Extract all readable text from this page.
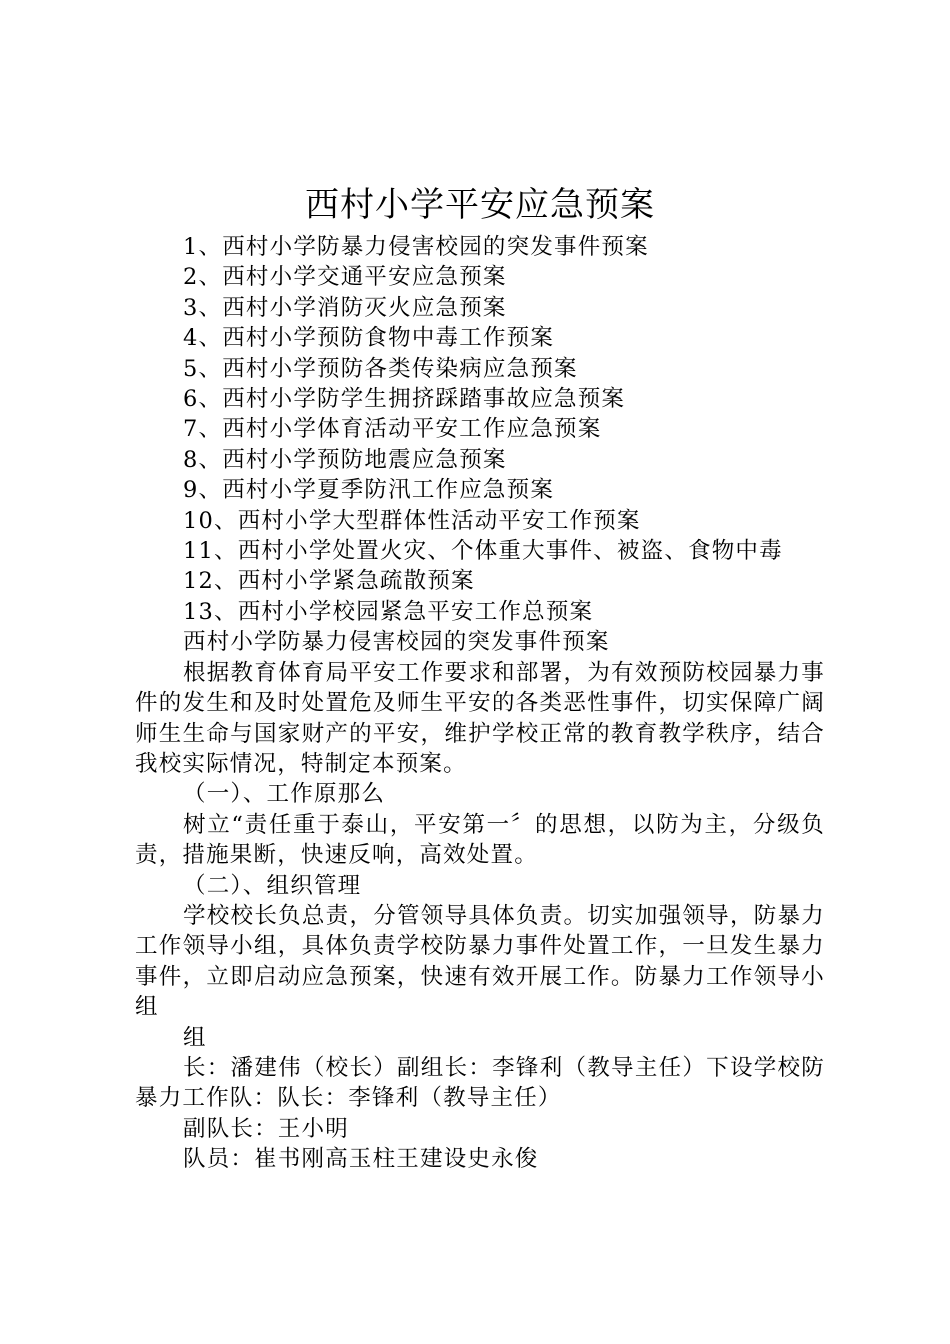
西村小学平安应急预案
1、西村小学防暴力侵害校园的突发事件预案
2、西村小学交通平安应急预案
3、西村小学消防灭火应急预案
4、西村小学预防食物中毒工作预案
5、西村小学预防各类传染病应急预案
6、西村小学防学生拥挤踩踏事故应急预案
7、西村小学体育活动平安工作应急预案
8、西村小学预防地震应急预案
9、西村小学夏季防汛工作应急预案
10、西村小学大型群体性活动平安工作预案
11、西村小学处置火灾、个体重大事件、被盗、食物中毒
12、西村小学紧急疏散预案
13、西村小学校园紧急平安工作总预案
西村小学防暴力侵害校园的突发事件预案

根据教育体育局平安工作要求和部署，为有效预防校园暴力事件的发生和及时处置危及师生平安的各类恶性事件，切实保障广阔师生生命与国家财产的平安，维护学校正常的教育教学秩序，结合我校实际情况，特制定本预案。

（一）、工作原那么

树立“责任重于泰山，平安第一〞的思想，以防为主，分级负责，措施果断，快速反响，高效处置。

（二）、组织管理

学校校长负总责，分管领导具体负责。切实加强领导，防暴力工作领导小组，具体负责学校防暴力事件处置工作，一旦发生暴力事件，立即启动应急预案，快速有效开展工作。防暴力工作领导小组

组

长：潘建伟（校长）副组长：李锋利（教导主任）下设学校防暴力工作队：队长：李锋利（教导主任）

副队长：王小明
队员：崔书刚高玉柱王建设史永俊
